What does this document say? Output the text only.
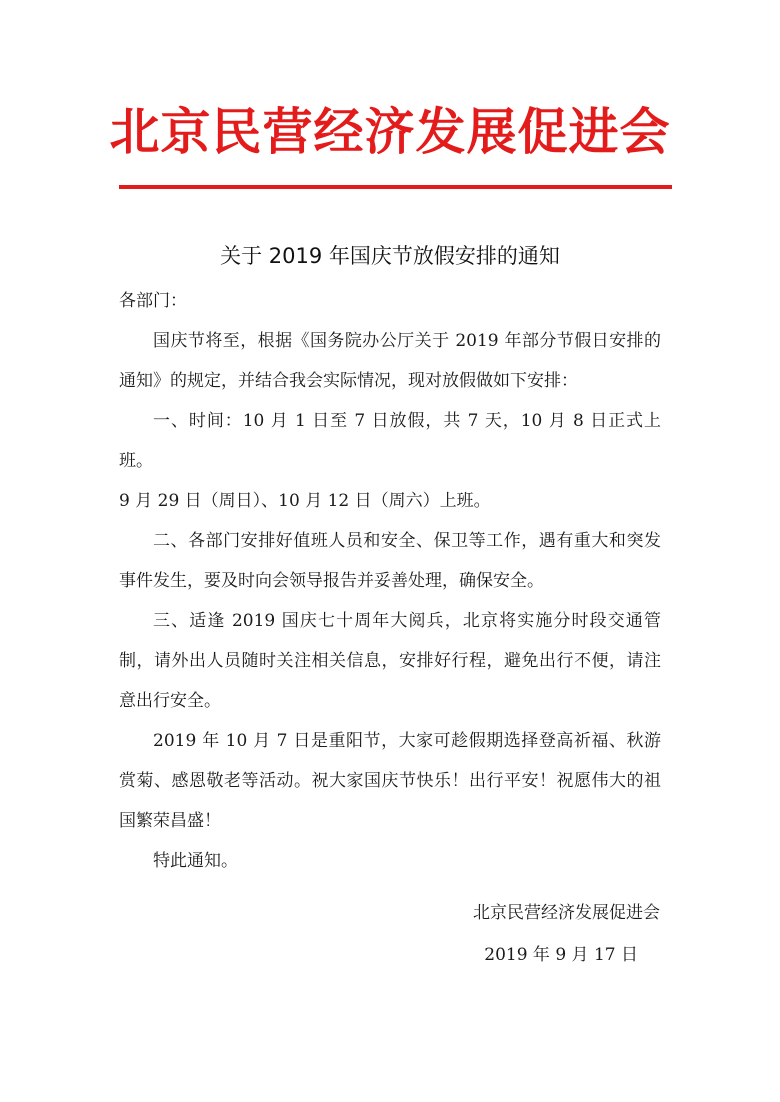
北京民营经济发展促进会
关于 2019 年国庆节放假安排的通知

各部门：

国庆节将至，根据《国务院办公厅关于 2019 年部分节假日安排的通知》的规定，并结合我会实际情况，现对放假做如下安排：

一、时间：10 月 1 日至 7 日放假，共 7 天，10 月 8 日正式上班。

9 月 29 日（周日）、10 月 12 日（周六）上班。

二、各部门安排好值班人员和安全、保卫等工作，遇有重大和突发事件发生，要及时向会领导报告并妥善处理，确保安全。

三、适逢 2019 国庆七十周年大阅兵，北京将实施分时段交通管制，请外出人员随时关注相关信息，安排好行程，避免出行不便，请注意出行安全。

2019 年 10 月 7 日是重阳节，大家可趁假期选择登高祈福、秋游赏菊、感恩敬老等活动。祝大家国庆节快乐！出行平安！祝愿伟大的祖国繁荣昌盛！

特此通知。

北京民营经济发展促进会
2019 年 9 月 17 日
